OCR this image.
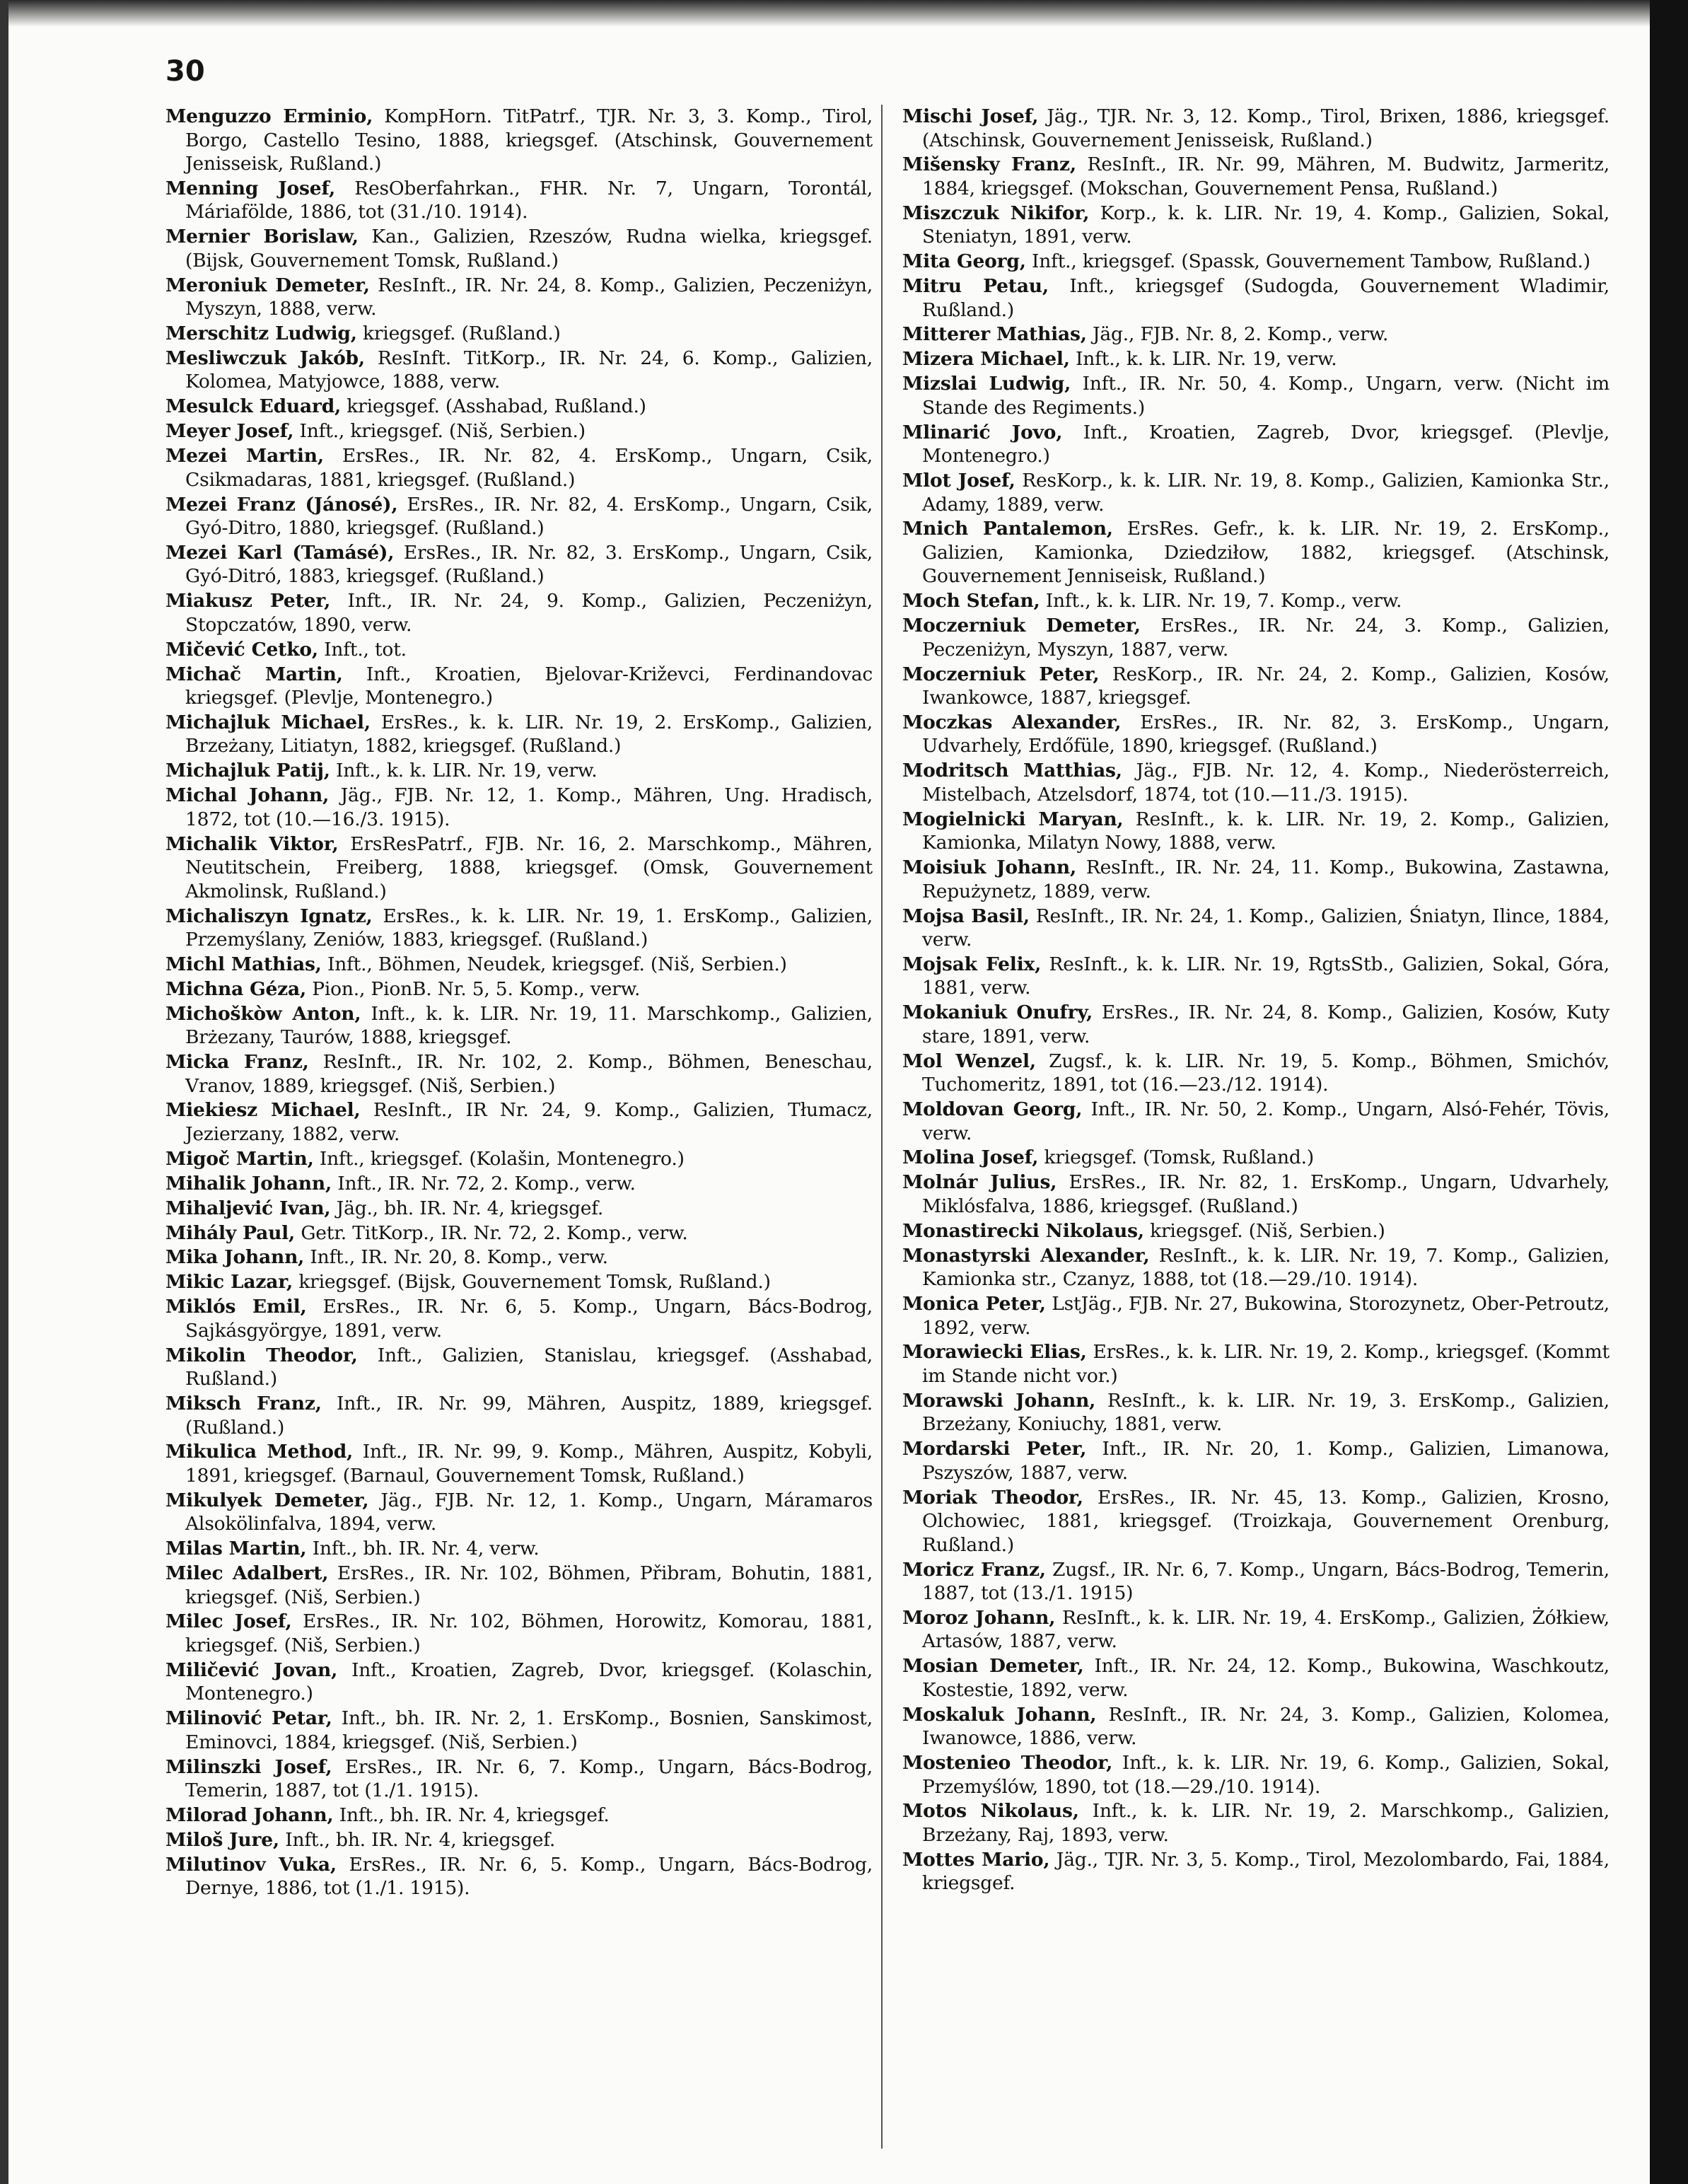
30
Menguzzo Erminio, KompHorn. TitPatrf., TJR. Nr. 3, 3. Komp., Tirol, Borgo, Castello Tesino, 1888, kriegsgef. (Atschinsk, Gouvernement Jenisseisk, Rußland.)
Menning Josef, ResOberfahrkan., FHR. Nr. 7, Ungarn, Torontál, Máriafölde, 1886, tot (31./10. 1914).
Mernier Borislaw, Kan., Galizien, Rzeszów, Rudna wielka, kriegsgef. (Bijsk, Gouvernement Tomsk, Rußland.)
Meroniuk Demeter, ResInft., IR. Nr. 24, 8. Komp., Galizien, Peczeniżyn, Myszyn, 1888, verw.
Merschitz Ludwig, kriegsgef. (Rußland.)
Mesliwczuk Jakób, ResInft. TitKorp., IR. Nr. 24, 6. Komp., Galizien, Kolomea, Matyjowce, 1888, verw.
Mesulck Eduard, kriegsgef. (Asshabad, Rußland.)
Meyer Josef, Inft., kriegsgef. (Niš, Serbien.)
Mezei Martin, ErsRes., IR. Nr. 82, 4. ErsKomp., Ungarn, Csik, Csikmadaras, 1881, kriegsgef. (Rußland.)
Mezei Franz (Jánosé), ErsRes., IR. Nr. 82, 4. ErsKomp., Ungarn, Csik, Gyó-Ditro, 1880, kriegsgef. (Rußland.)
Mezei Karl (Tamásé), ErsRes., IR. Nr. 82, 3. ErsKomp., Ungarn, Csik, Gyó-Ditró, 1883, kriegsgef. (Rußland.)
Miakusz Peter, Inft., IR. Nr. 24, 9. Komp., Galizien, Peczeniżyn, Stopczatów, 1890, verw.
Mičević Cetko, Inft., tot.
Michač Martin, Inft., Kroatien, Bjelovar-Križevci, Ferdinandovac kriegsgef. (Plevlje, Montenegro.)
Michajluk Michael, ErsRes., k. k. LIR. Nr. 19, 2. ErsKomp., Galizien, Brzeżany, Litiatyn, 1882, kriegsgef. (Rußland.)
Michajluk Patij, Inft., k. k. LIR. Nr. 19, verw.
Michal Johann, Jäg., FJB. Nr. 12, 1. Komp., Mähren, Ung. Hradisch, 1872, tot (10.—16./3. 1915).
Michalik Viktor, ErsResPatrf., FJB. Nr. 16, 2. Marschkomp., Mähren, Neutitschein, Freiberg, 1888, kriegsgef. (Omsk, Gouvernement Akmolinsk, Rußland.)
Michaliszyn Ignatz, ErsRes., k. k. LIR. Nr. 19, 1. ErsKomp., Galizien, Przemyślany, Zeniów, 1883, kriegsgef. (Rußland.)
Michl Mathias, Inft., Böhmen, Neudek, kriegsgef. (Niš, Serbien.)
Michna Géza, Pion., PionB. Nr. 5, 5. Komp., verw.
Michoškòw Anton, Inft., k. k. LIR. Nr. 19, 11. Marschkomp., Galizien, Brżezany, Taurów, 1888, kriegsgef.
Micka Franz, ResInft., IR. Nr. 102, 2. Komp., Böhmen, Beneschau, Vranov, 1889, kriegsgef. (Niš, Serbien.)
Miekiesz Michael, ResInft., IR Nr. 24, 9. Komp., Galizien, Tłumacz, Jezierzany, 1882, verw.
Migoč Martin, Inft., kriegsgef. (Kolašin, Montenegro.)
Mihalik Johann, Inft., IR. Nr. 72, 2. Komp., verw.
Mihaljević Ivan, Jäg., bh. IR. Nr. 4, kriegsgef.
Mihály Paul, Getr. TitKorp., IR. Nr. 72, 2. Komp., verw.
Mika Johann, Inft., IR. Nr. 20, 8. Komp., verw.
Mikic Lazar, kriegsgef. (Bijsk, Gouvernement Tomsk, Rußland.)
Miklós Emil, ErsRes., IR. Nr. 6, 5. Komp., Ungarn, Bács-Bodrog, Sajkásgyörgye, 1891, verw.
Mikolin Theodor, Inft., Galizien, Stanislau, kriegsgef. (Asshabad, Rußland.)
Miksch Franz, Inft., IR. Nr. 99, Mähren, Auspitz, 1889, kriegsgef. (Rußland.)
Mikulica Method, Inft., IR. Nr. 99, 9. Komp., Mähren, Auspitz, Kobyli, 1891, kriegsgef. (Barnaul, Gouvernement Tomsk, Rußland.)
Mikulyek Demeter, Jäg., FJB. Nr. 12, 1. Komp., Ungarn, Máramaros Alsokölinfalva, 1894, verw.
Milas Martin, Inft., bh. IR. Nr. 4, verw.
Milec Adalbert, ErsRes., IR. Nr. 102, Böhmen, Přibram, Bohutin, 1881, kriegsgef. (Niš, Serbien.)
Milec Josef, ErsRes., IR. Nr. 102, Böhmen, Horowitz, Komorau, 1881, kriegsgef. (Niš, Serbien.)
Miličević Jovan, Inft., Kroatien, Zagreb, Dvor, kriegsgef. (Kolaschin, Montenegro.)
Milinović Petar, Inft., bh. IR. Nr. 2, 1. ErsKomp., Bosnien, Sanskimost, Eminovci, 1884, kriegsgef. (Niš, Serbien.)
Milinszki Josef, ErsRes., IR. Nr. 6, 7. Komp., Ungarn, Bács-Bodrog, Temerin, 1887, tot (1./1. 1915).
Milorad Johann, Inft., bh. IR. Nr. 4, kriegsgef.
Miloš Jure, Inft., bh. IR. Nr. 4, kriegsgef.
Milutinov Vuka, ErsRes., IR. Nr. 6, 5. Komp., Ungarn, Bács-Bodrog, Dernye, 1886, tot (1./1. 1915).
Mischi Josef, Jäg., TJR. Nr. 3, 12. Komp., Tirol, Brixen, 1886, kriegsgef. (Atschinsk, Gouvernement Jenisseisk, Rußland.)
Mišensky Franz, ResInft., IR. Nr. 99, Mähren, M. Budwitz, Jarmeritz, 1884, kriegsgef. (Mokschan, Gouvernement Pensa, Rußland.)
Miszczuk Nikifor, Korp., k. k. LIR. Nr. 19, 4. Komp., Galizien, Sokal, Steniatyn, 1891, verw.
Mita Georg, Inft., kriegsgef. (Spassk, Gouvernement Tambow, Rußland.)
Mitru Petau, Inft., kriegsgef (Sudogda, Gouvernement Wladimir, Rußland.)
Mitterer Mathias, Jäg., FJB. Nr. 8, 2. Komp., verw.
Mizera Michael, Inft., k. k. LIR. Nr. 19, verw.
Mizslai Ludwig, Inft., IR. Nr. 50, 4. Komp., Ungarn, verw. (Nicht im Stande des Regiments.)
Mlinarić Jovo, Inft., Kroatien, Zagreb, Dvor, kriegsgef. (Plevlje, Montenegro.)
Mlot Josef, ResKorp., k. k. LIR. Nr. 19, 8. Komp., Galizien, Kamionka Str., Adamy, 1889, verw.
Mnich Pantalemon, ErsRes. Gefr., k. k. LIR. Nr. 19, 2. ErsKomp., Galizien, Kamionka, Dziedziłow, 1882, kriegsgef. (Atschinsk, Gouvernement Jenniseisk, Rußland.)
Moch Stefan, Inft., k. k. LIR. Nr. 19, 7. Komp., verw.
Moczerniuk Demeter, ErsRes., IR. Nr. 24, 3. Komp., Galizien, Peczeniżyn, Myszyn, 1887, verw.
Moczerniuk Peter, ResKorp., IR. Nr. 24, 2. Komp., Galizien, Kosów, Iwankowce, 1887, kriegsgef.
Moczkas Alexander, ErsRes., IR. Nr. 82, 3. ErsKomp., Ungarn, Udvarhely, Erdőfüle, 1890, kriegsgef. (Rußland.)
Modritsch Matthias, Jäg., FJB. Nr. 12, 4. Komp., Niederösterreich, Mistelbach, Atzelsdorf, 1874, tot (10.—11./3. 1915).
Mogielnicki Maryan, ResInft., k. k. LIR. Nr. 19, 2. Komp., Galizien, Kamionka, Milatyn Nowy, 1888, verw.
Moisiuk Johann, ResInft., IR. Nr. 24, 11. Komp., Bukowina, Zastawna, Repużynetz, 1889, verw.
Mojsa Basil, ResInft., IR. Nr. 24, 1. Komp., Galizien, Śniatyn, Ilince, 1884, verw.
Mojsak Felix, ResInft., k. k. LIR. Nr. 19, RgtsStb., Galizien, Sokal, Góra, 1881, verw.
Mokaniuk Onufry, ErsRes., IR. Nr. 24, 8. Komp., Galizien, Kosów, Kuty stare, 1891, verw.
Mol Wenzel, Zugsf., k. k. LIR. Nr. 19, 5. Komp., Böhmen, Smichóv, Tuchomeritz, 1891, tot (16.—23./12. 1914).
Moldovan Georg, Inft., IR. Nr. 50, 2. Komp., Ungarn, Alsó-Fehér, Tövis, verw.
Molina Josef, kriegsgef. (Tomsk, Rußland.)
Molnár Julius, ErsRes., IR. Nr. 82, 1. ErsKomp., Ungarn, Udvarhely, Miklósfalva, 1886, kriegsgef. (Rußland.)
Monastirecki Nikolaus, kriegsgef. (Niš, Serbien.)
Monastyrski Alexander, ResInft., k. k. LIR. Nr. 19, 7. Komp., Galizien, Kamionka str., Czanyz, 1888, tot (18.—29./10. 1914).
Monica Peter, LstJäg., FJB. Nr. 27, Bukowina, Storozynetz, Ober-Petroutz, 1892, verw.
Morawiecki Elias, ErsRes., k. k. LIR. Nr. 19, 2. Komp., kriegsgef. (Kommt im Stande nicht vor.)
Morawski Johann, ResInft., k. k. LIR. Nr. 19, 3. ErsKomp., Galizien, Brzeżany, Koniuchy, 1881, verw.
Mordarski Peter, Inft., IR. Nr. 20, 1. Komp., Galizien, Limanowa, Pszyszów, 1887, verw.
Moriak Theodor, ErsRes., IR. Nr. 45, 13. Komp., Galizien, Krosno, Olchowiec, 1881, kriegsgef. (Troizkaja, Gouvernement Orenburg, Rußland.)
Moricz Franz, Zugsf., IR. Nr. 6, 7. Komp., Ungarn, Bács-Bodrog, Temerin, 1887, tot (13./1. 1915)
Moroz Johann, ResInft., k. k. LIR. Nr. 19, 4. ErsKomp., Galizien, Żółkiew, Artasów, 1887, verw.
Mosian Demeter, Inft., IR. Nr. 24, 12. Komp., Bukowina, Waschkoutz, Kostestie, 1892, verw.
Moskaluk Johann, ResInft., IR. Nr. 24, 3. Komp., Galizien, Kolomea, Iwanowce, 1886, verw.
Mostenieo Theodor, Inft., k. k. LIR. Nr. 19, 6. Komp., Galizien, Sokal, Przemyślów, 1890, tot (18.—29./10. 1914).
Motos Nikolaus, Inft., k. k. LIR. Nr. 19, 2. Marschkomp., Galizien, Brzeżany, Raj, 1893, verw.
Mottes Mario, Jäg., TJR. Nr. 3, 5. Komp., Tirol, Mezolombardo, Fai, 1884, kriegsgef.
